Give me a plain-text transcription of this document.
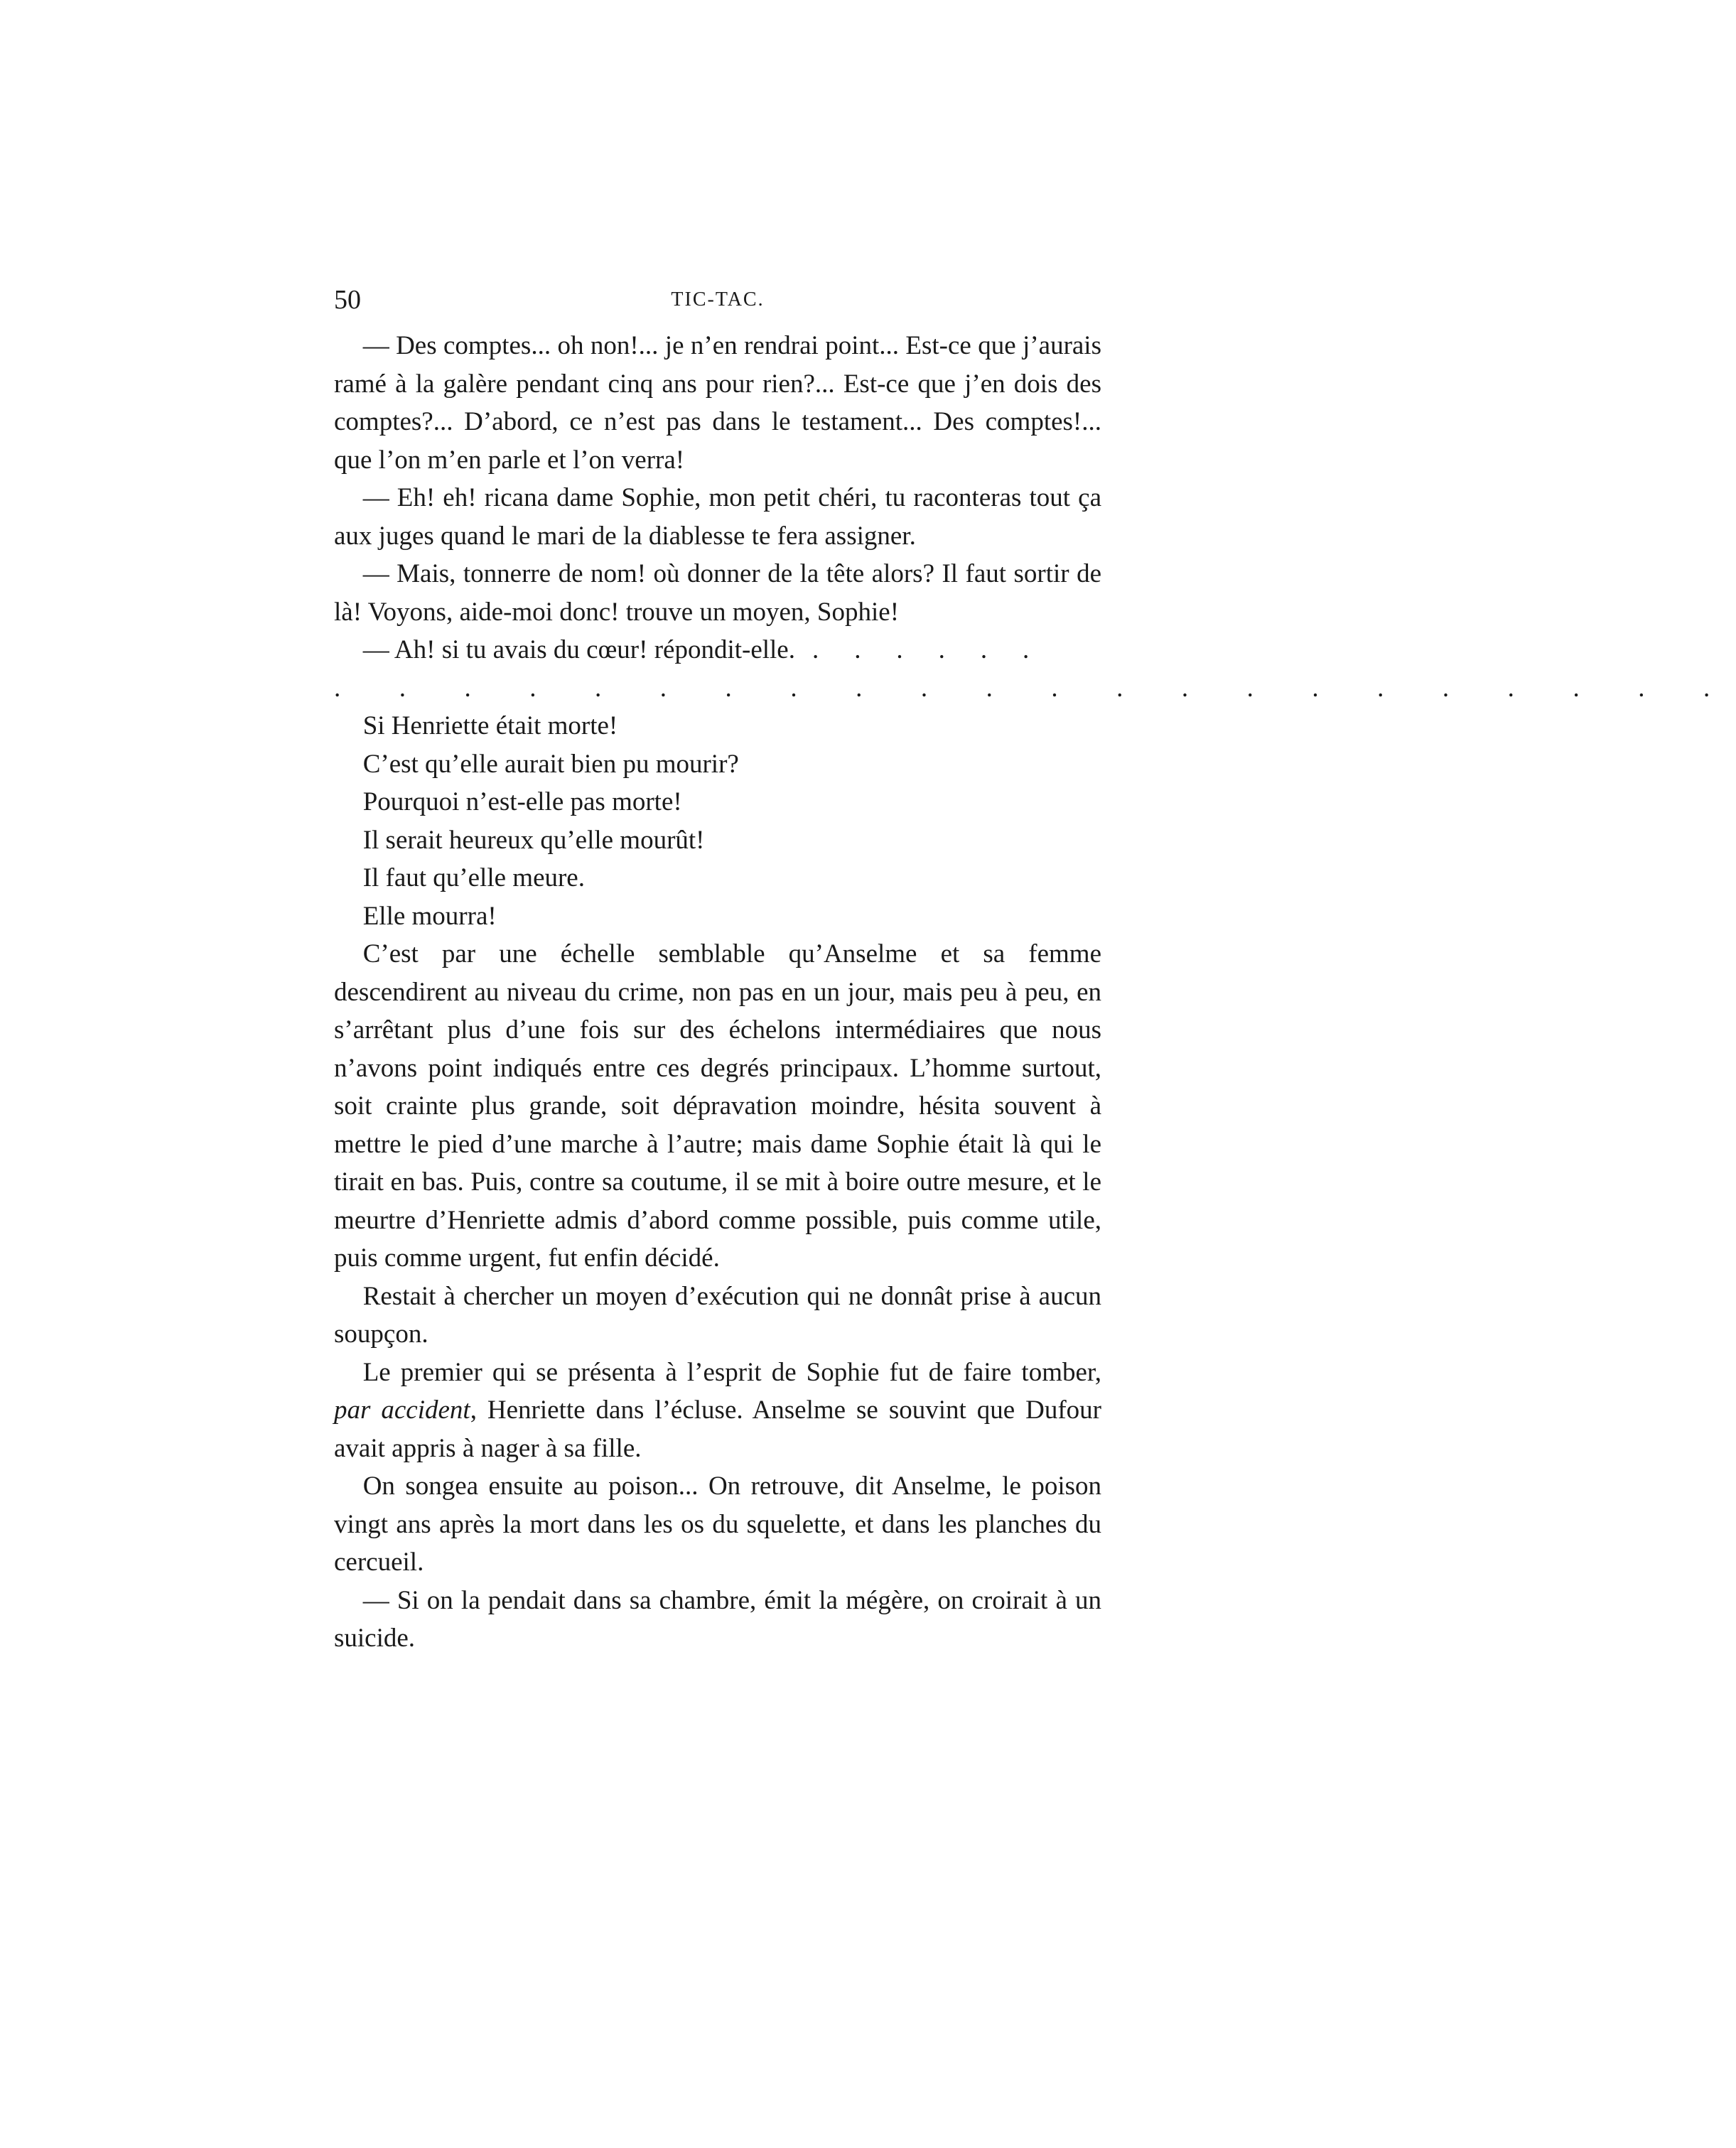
50	TIC-TAC.

— Des comptes... oh non!... je n’en rendrai point... Est-ce que j’aurais ramé à la galère pendant cinq ans pour rien?... Est-ce que j’en dois des comptes?... D’abord, ce n’est pas dans le testament... Des comptes!... que l’on m’en parle et l’on verra!

— Eh! eh! ricana dame Sophie, mon petit chéri, tu raconteras tout ça aux juges quand le mari de la diablesse te fera assigner.

— Mais, tonnerre de nom! où donner de la tête alors? Il faut sortir de là! Voyons, aide-moi donc! trouve un moyen, Sophie!

— Ah! si tu avais du cœur! répondit-elle. . . . . . .

. . . . . . . . . . . . . . . . . . . . . .

Si Henriette était morte!

C’est qu’elle aurait bien pu mourir?

Pourquoi n’est-elle pas morte!

Il serait heureux qu’elle mourût!

Il faut qu’elle meure.

Elle mourra!

C’est par une échelle semblable qu’Anselme et sa femme descendirent au niveau du crime, non pas en un jour, mais peu à peu, en s’arrêtant plus d’une fois sur des échelons intermédiaires que nous n’avons point indiqués entre ces degrés principaux. L’homme surtout, soit crainte plus grande, soit dépravation moindre, hésita souvent à mettre le pied d’une marche à l’autre; mais dame Sophie était là qui le tirait en bas. Puis, contre sa coutume, il se mit à boire outre mesure, et le meurtre d’Henriette admis d’abord comme possible, puis comme utile, puis comme urgent, fut enfin décidé.

Restait à chercher un moyen d’exécution qui ne donnât prise à aucun soupçon.

Le premier qui se présenta à l’esprit de Sophie fut de faire tomber, par accident, Henriette dans l’écluse. Anselme se souvint que Dufour avait appris à nager à sa fille.

On songea ensuite au poison... On retrouve, dit Anselme, le poison vingt ans après la mort dans les os du squelette, et dans les planches du cercueil.

— Si on la pendait dans sa chambre, émit la mégère, on croirait à un suicide.
